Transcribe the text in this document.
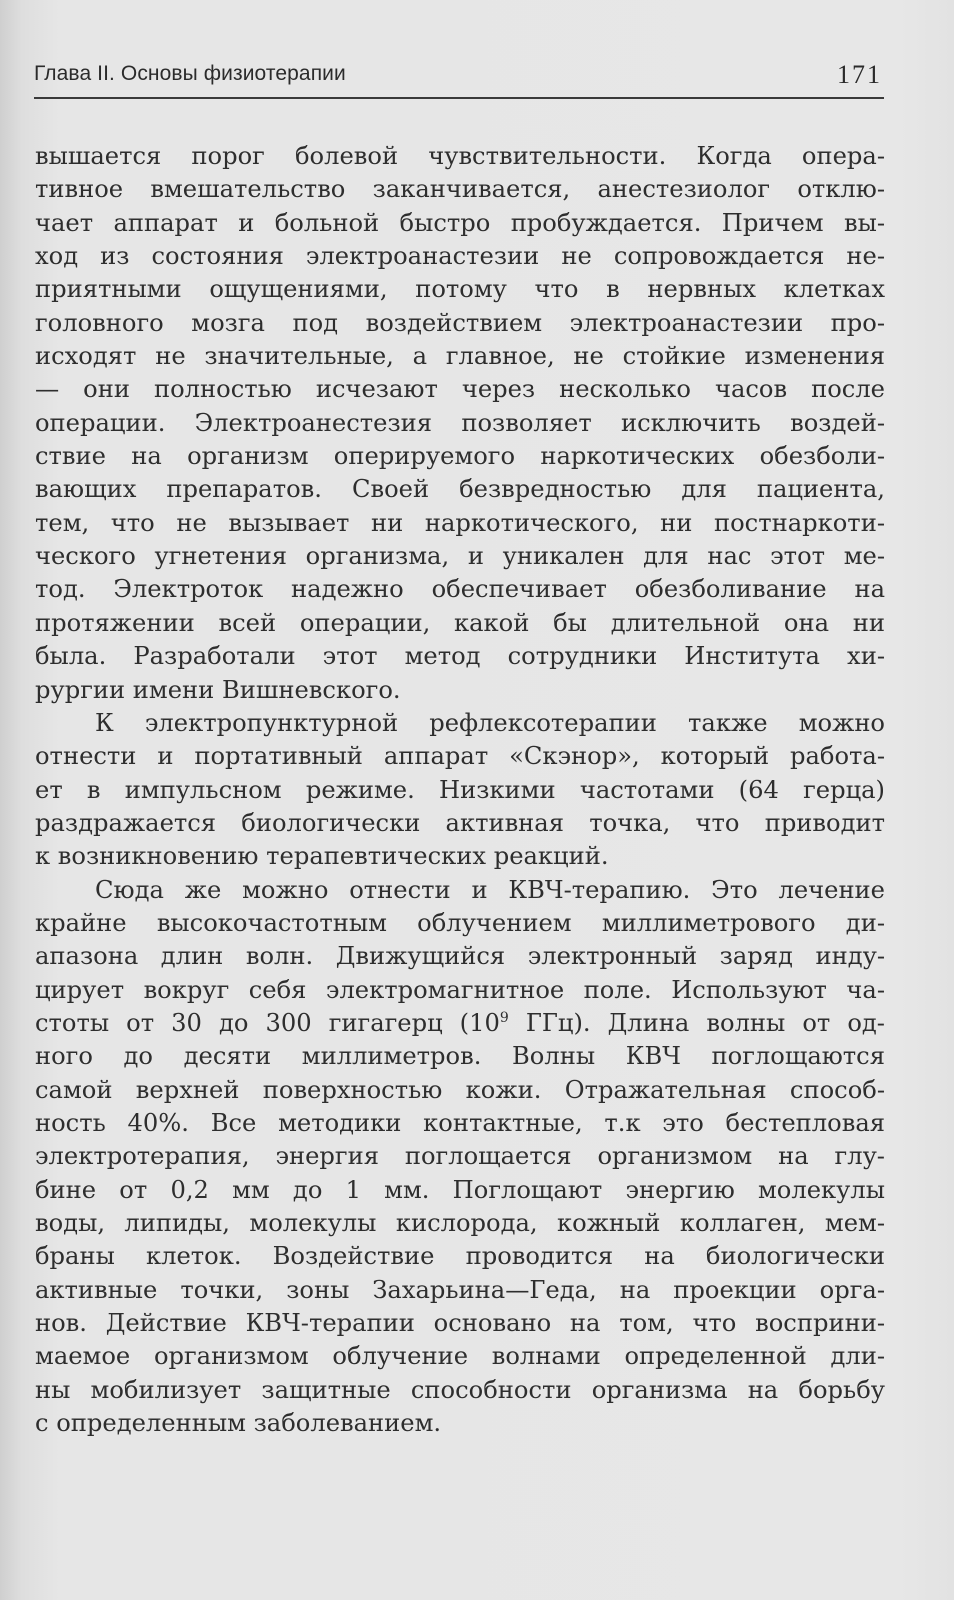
Глава II. Основы физиотерапии	171
вышается порог болевой чувствительности. Когда опера-
тивное вмешательство заканчивается, анестезиолог отклю-
чает аппарат и больной быстро пробуждается. Причем вы-
ход из состояния электроанастезии не сопровождается не-
приятными ощущениями, потому что в нервных клетках
головного мозга под воздействием электроанастезии про-
исходят не значительные, а главное, не стойкие изменения
— они полностью исчезают через несколько часов после
операции. Электроанестезия позволяет исключить воздей-
ствие на организм оперируемого наркотических обезболи-
вающих препаратов. Своей безвредностью для пациента,
тем, что не вызывает ни наркотического, ни постнаркоти-
ческого угнетения организма, и уникален для нас этот ме-
тод. Электроток надежно обеспечивает обезболивание на
протяжении всей операции, какой бы длительной она ни
была. Разработали этот метод сотрудники Института хи-
рургии имени Вишневского.
К электропунктурной рефлексотерапии также можно
отнести и портативный аппарат «Скэнор», который работа-
ет в импульсном режиме. Низкими частотами (64 герца)
раздражается биологически активная точка, что приводит
к возникновению терапевтических реакций.
Сюда же можно отнести и КВЧ-терапию. Это лечение
крайне высокочастотным облучением миллиметрового ди-
апазона длин волн. Движущийся электронный заряд инду-
цирует вокруг себя электромагнитное поле. Используют ча-
стоты от 30 до 300 гигагерц ($10^9$ ГГц). Длина волны от од-
ного до десяти миллиметров. Волны КВЧ поглощаются
самой верхней поверхностью кожи. Отражательная способ-
ность 40%. Все методики контактные, т.к это бестепловая
электротерапия, энергия поглощается организмом на глу-
бине от 0,2 мм до 1 мм. Поглощают энергию молекулы
воды, липиды, молекулы кислорода, кожный коллаген, мем-
браны клеток. Воздействие проводится на биологически
активные точки, зоны Захарьина—Геда, на проекции орга-
нов. Действие КВЧ-терапии основано на том, что восприни-
маемое организмом облучение волнами определенной дли-
ны мобилизует защитные способности организма на борьбу
с определенным заболеванием.
